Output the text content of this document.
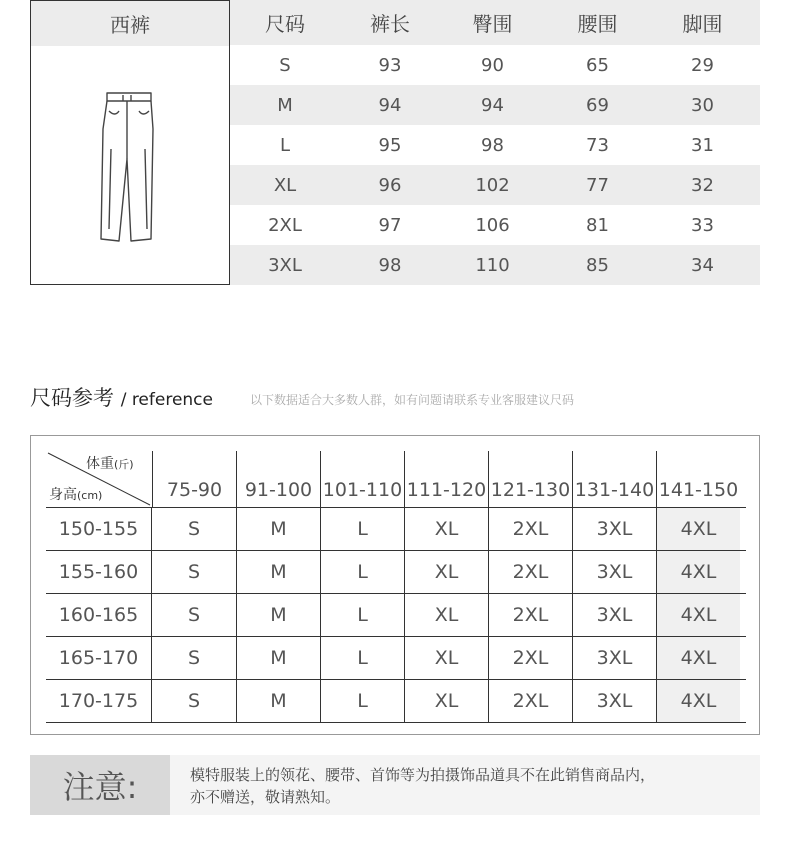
西裤	尺码	裤长	臀围	腰围	脚围
S	93	90	65	29
M	94	94	69	30
L	95	98	73	31
XL	96	102	77	32
2XL	97	106	81	33
3XL	98	110	85	34
尺码参考 / reference	以下数据适合大多数人群，如有问题请联系专业客服建议尺码
体重(斤)
身高(cm)	75-90	91-100 101-110 111-120 121-130 131-140 141-150
150-155	S	M	L	XL	2XL	3XL	4XL
155-160	S	M	L	XL	2XL	3XL	4XL
160-165	S	M	L	XL	2XL	3XL	4XL
165-170	S	M	L	XL	2XL	3XL	4XL
170-175	S	M	L	XL	2XL	3XL	4XL
注意:	模特服装上的领花、腰带、首饰等为拍摄饰品道具不在此销售商品内，
亦不赠送，敬请熟知。
